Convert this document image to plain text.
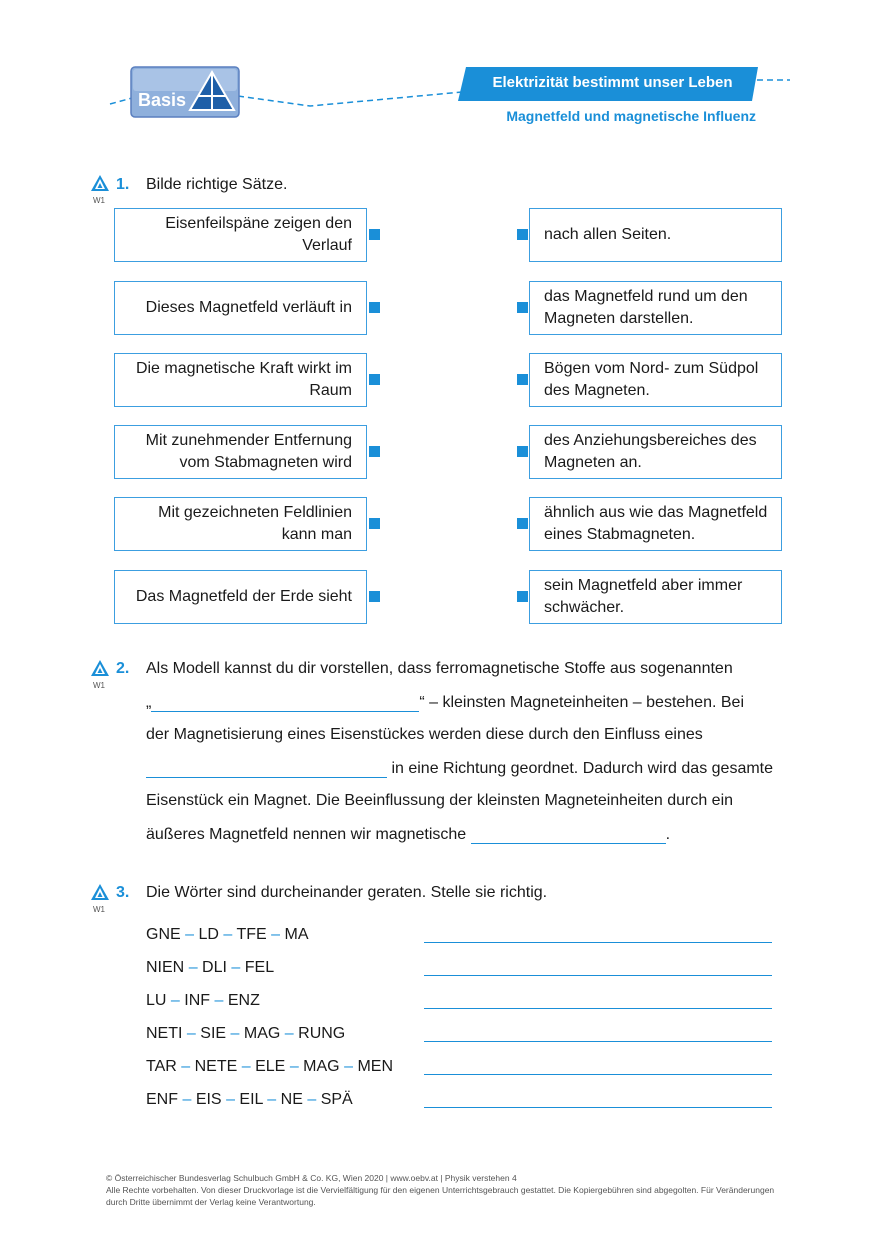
Basis
Elektrizität bestimmt unser Leben
Magnetfeld und magnetische Influenz
W1
1. Bilde richtige Sätze.
Eisenfeilspäne zeigen den Verlauf
Dieses Magnetfeld verläuft in
Die magnetische Kraft wirkt im Raum
Mit zunehmender Entfernung vom Stabmagneten wird
Mit gezeichneten Feldlinien kann man
Das Magnetfeld der Erde sieht
nach allen Seiten.
das Magnetfeld rund um den Magneten darstellen.
Bögen vom Nord- zum Südpol des Magneten.
des Anziehungsbereiches des Magneten an.
ähnlich aus wie das Magnetfeld eines Stabmagneten.
sein Magnetfeld aber immer schwächer.
W1
2. Als Modell kannst du dir vorstellen, dass ferromagnetische Stoffe aus sogenannten
„	“ – kleinsten Magneteinheiten – bestehen. Bei
der Magnetisierung eines Eisenstückes werden diese durch den Einfluss eines
in eine Richtung geordnet. Dadurch wird das gesamte
Eisenstück ein Magnet. Die Beeinflussung der kleinsten Magneteinheiten durch ein
äußeres Magnetfeld nennen wir magnetische	.
W1
3. Die Wörter sind durcheinander geraten. Stelle sie richtig.
GNE – LD – TFE – MA
NIEN – DLI – FEL
LU – INF – ENZ
NETI – SIE – MAG – RUNG
TAR – NETE – ELE – MAG – MEN
ENF – EIS – EIL – NE – SPÄ
© Österreichischer Bundesverlag Schulbuch GmbH & Co. KG, Wien 2020 | www.oebv.at | Physik verstehen 4
Alle Rechte vorbehalten. Von dieser Druckvorlage ist die Vervielfältigung für den eigenen Unterrichtsgebrauch gestattet. Die Kopiergebühren sind abgegolten. Für Veränderungen durch Dritte übernimmt der Verlag keine Verantwortung.
